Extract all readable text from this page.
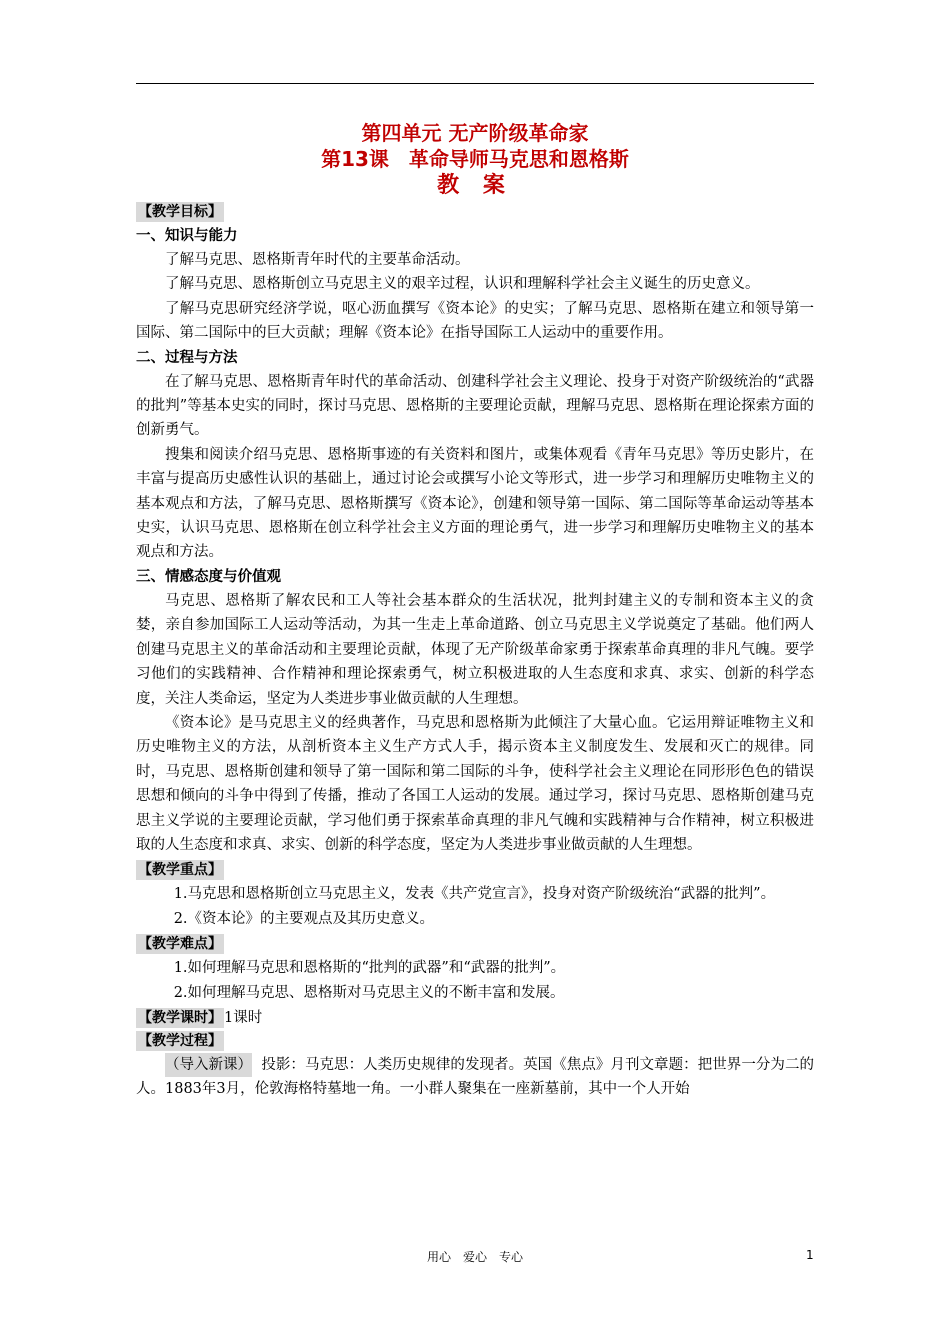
第四单元 无产阶级革命家

第13课　革命导师马克思和恩格斯

教 案

【教学目标】

一、知识与能力

了解马克思、恩格斯青年时代的主要革命活动。

了解马克思、恩格斯创立马克思主义的艰辛过程，认识和理解科学社会主义诞生的历史意义。

了解马克思研究经济学说，呕心沥血撰写《资本论》的史实；了解马克思、恩格斯在建立和领导第一国际、第二国际中的巨大贡献；理解《资本论》在指导国际工人运动中的重要作用。

二、过程与方法

在了解马克思、恩格斯青年时代的革命活动、创建科学社会主义理论、投身于对资产阶级统治的“武器的批判”等基本史实的同时，探讨马克思、恩格斯的主要理论贡献，理解马克思、恩格斯在理论探索方面的创新勇气。

搜集和阅读介绍马克思、恩格斯事迹的有关资料和图片，或集体观看《青年马克思》等历史影片，在丰富与提高历史感性认识的基础上，通过讨论会或撰写小论文等形式，进一步学习和理解历史唯物主义的基本观点和方法，了解马克思、恩格斯撰写《资本论》，创建和领导第一国际、第二国际等革命运动等基本史实，认识马克思、恩格斯在创立科学社会主义方面的理论勇气，进一步学习和理解历史唯物主义的基本观点和方法。

三、情感态度与价值观

马克思、恩格斯了解农民和工人等社会基本群众的生活状况，批判封建主义的专制和资本主义的贪婪，亲自参加国际工人运动等活动，为其一生走上革命道路、创立马克思主义学说奠定了基础。他们两人创建马克思主义的革命活动和主要理论贡献，体现了无产阶级革命家勇于探索革命真理的非凡气魄。要学习他们的实践精神、合作精神和理论探索勇气，树立积极进取的人生态度和求真、求实、创新的科学态度，关注人类命运，坚定为人类进步事业做贡献的人生理想。

《资本论》是马克思主义的经典著作，马克思和恩格斯为此倾注了大量心血。它运用辩证唯物主义和历史唯物主义的方法，从剖析资本主义生产方式人手，揭示资本主义制度发生、发展和灭亡的规律。同时，马克思、恩格斯创建和领导了第一国际和第二国际的斗争，使科学社会主义理论在同形形色色的错误思想和倾向的斗争中得到了传播，推动了各国工人运动的发展。通过学习，探讨马克思、恩格斯创建马克思主义学说的主要理论贡献，学习他们勇于探索革命真理的非凡气魄和实践精神与合作精神，树立积极进取的人生态度和求真、求实、创新的科学态度，坚定为人类进步事业做贡献的人生理想。

【教学重点】

1.马克思和恩格斯创立马克思主义，发表《共产党宣言》，投身对资产阶级统治“武器的批判”。

2.《资本论》的主要观点及其历史意义。

【教学难点】

1.如何理解马克思和恩格斯的“批判的武器”和“武器的批判”。

2.如何理解马克思、恩格斯对马克思主义的不断丰富和发展。

【教学课时】 1课时
【教学过程】

（导入新课） 投影：马克思：人类历史规律的发现者。英国《焦点》月刊文章题：把世界一分为二的人。1883年3月，伦敦海格特墓地一角。一小群人聚集在一座新墓前，其中一个人开始

用心　爱心　专心	1
